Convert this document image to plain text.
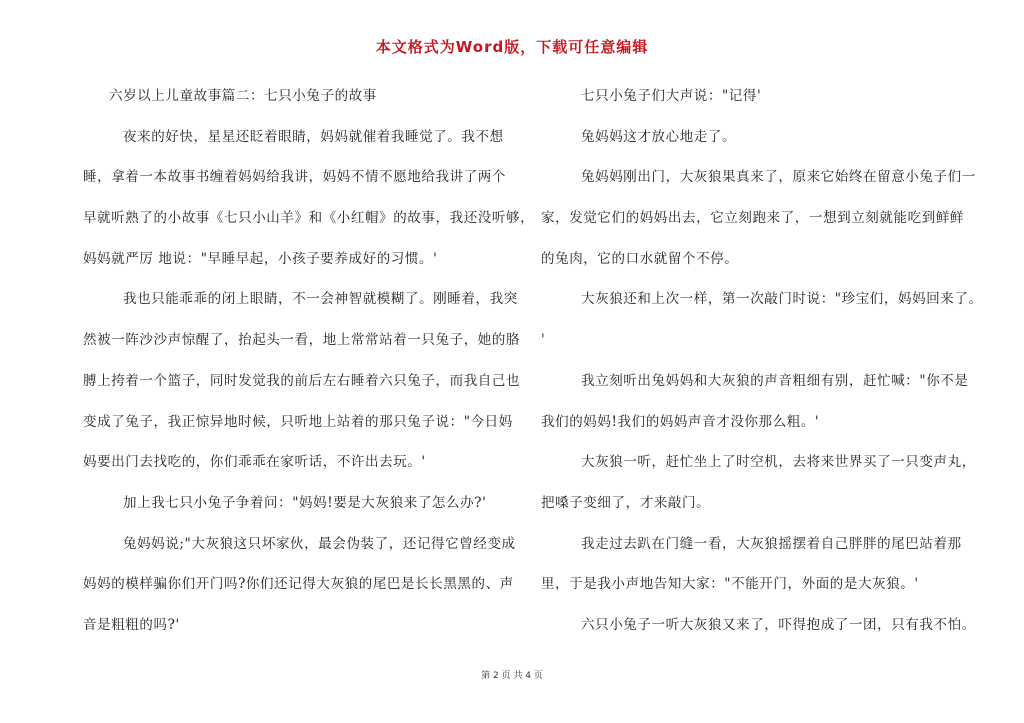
本文格式为Word版，下载可任意编辑
六岁以上儿童故事篇二：七只小兔子的故事
夜来的好快，星星还眨着眼睛，妈妈就催着我睡觉了。我不想
睡，拿着一本故事书缠着妈妈给我讲，妈妈不情不愿地给我讲了两个
早就听熟了的小故事《七只小山羊》和《小红帽》的故事，我还没听够，
妈妈就严厉 地说："早睡早起，小孩子要养成好的习惯。'
我也只能乖乖的闭上眼睛，不一会神智就模糊了。刚睡着，我突
然被一阵沙沙声惊醒了，抬起头一看，地上常常站着一只兔子，她的胳
膊上挎着一个篮子，同时发觉我的前后左右睡着六只兔子，而我自己也
变成了兔子，我正惊异地时候，只听地上站着的那只兔子说："今日妈
妈要出门去找吃的，你们乖乖在家听话，不许出去玩。'
加上我七只小兔子争着问："妈妈!要是大灰狼来了怎么办?'
兔妈妈说;"大灰狼这只坏家伙，最会伪装了，还记得它曾经变成
妈妈的模样骗你们开门吗?你们还记得大灰狼的尾巴是长长黑黑的、声
音是粗粗的吗?'
七只小兔子们大声说："记得'
兔妈妈这才放心地走了。
兔妈妈刚出门，大灰狼果真来了，原来它始终在留意小兔子们一
家，发觉它们的妈妈出去，它立刻跑来了，一想到立刻就能吃到鲜鲜
的兔肉，它的口水就留个不停。
大灰狼还和上次一样，第一次敲门时说："珍宝们，妈妈回来了。
'
我立刻听出兔妈妈和大灰狼的声音粗细有别，赶忙喊："你不是
我们的妈妈!我们的妈妈声音才没你那么粗。'
大灰狼一听，赶忙坐上了时空机，去将来世界买了一只变声丸，
把嗓子变细了，才来敲门。
我走过去趴在门缝一看，大灰狼摇摆着自己胖胖的尾巴站着那
里，于是我小声地告知大家："不能开门，外面的是大灰狼。'
六只小兔子一听大灰狼又来了，吓得抱成了一团，只有我不怕。
第 2 页 共 4 页
